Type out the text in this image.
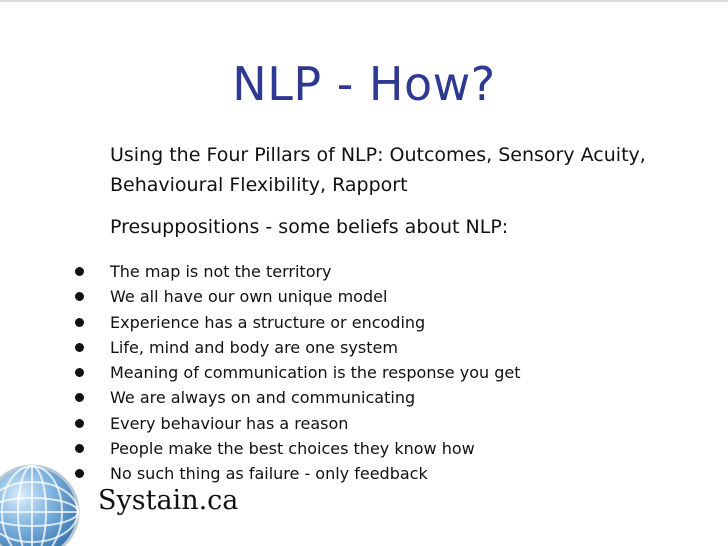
NLP - How?

Using the Four Pillars of NLP: Outcomes, Sensory Acuity, Behavioural Flexibility, Rapport

Presuppositions - some beliefs about NLP:

The map is not the territory
We all have our own unique model
Experience has a structure or encoding
Life, mind and body are one system
Meaning of communication is the response you get
We are always on and communicating
Every behaviour has a reason
People make the best choices they know how
No such thing as failure - only feedback
Systain.ca
